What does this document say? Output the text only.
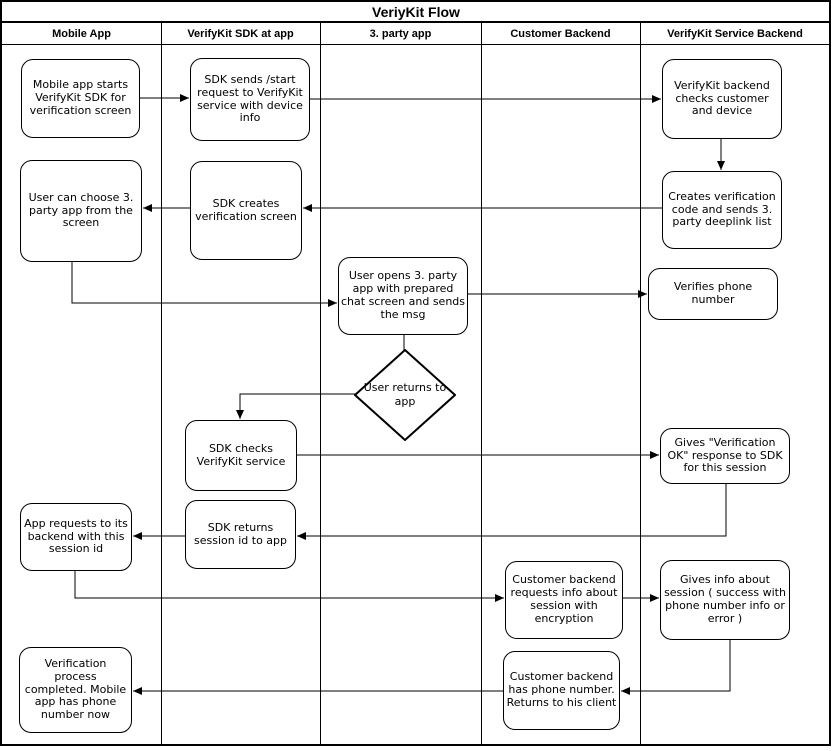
VeriyKit Flow
Mobile App	VerifyKit SDK at app	3. party app	Customer Backend	VerifyKit Service Backend
Mobile app starts VerifyKit SDK for verification screen
SDK sends /start request to VerifyKit service with device info
VerifyKit backend checks customer and device
Creates verification code and sends 3. party deeplink list
SDK creates verification screen
User can choose 3. party app from the screen
User opens 3. party app with prepared chat screen and sends the msg
Verifies phone number
User returns to app
SDK checks VerifyKit service
Gives "Verification OK" response to SDK for this session
SDK returns session id to app
App requests to its backend with this session id
Customer backend requests info about session with encryption
Gives info about session ( success with phone number info or error )
Customer backend has phone number. Returns to his client
Verification process completed. Mobile app has phone number now
